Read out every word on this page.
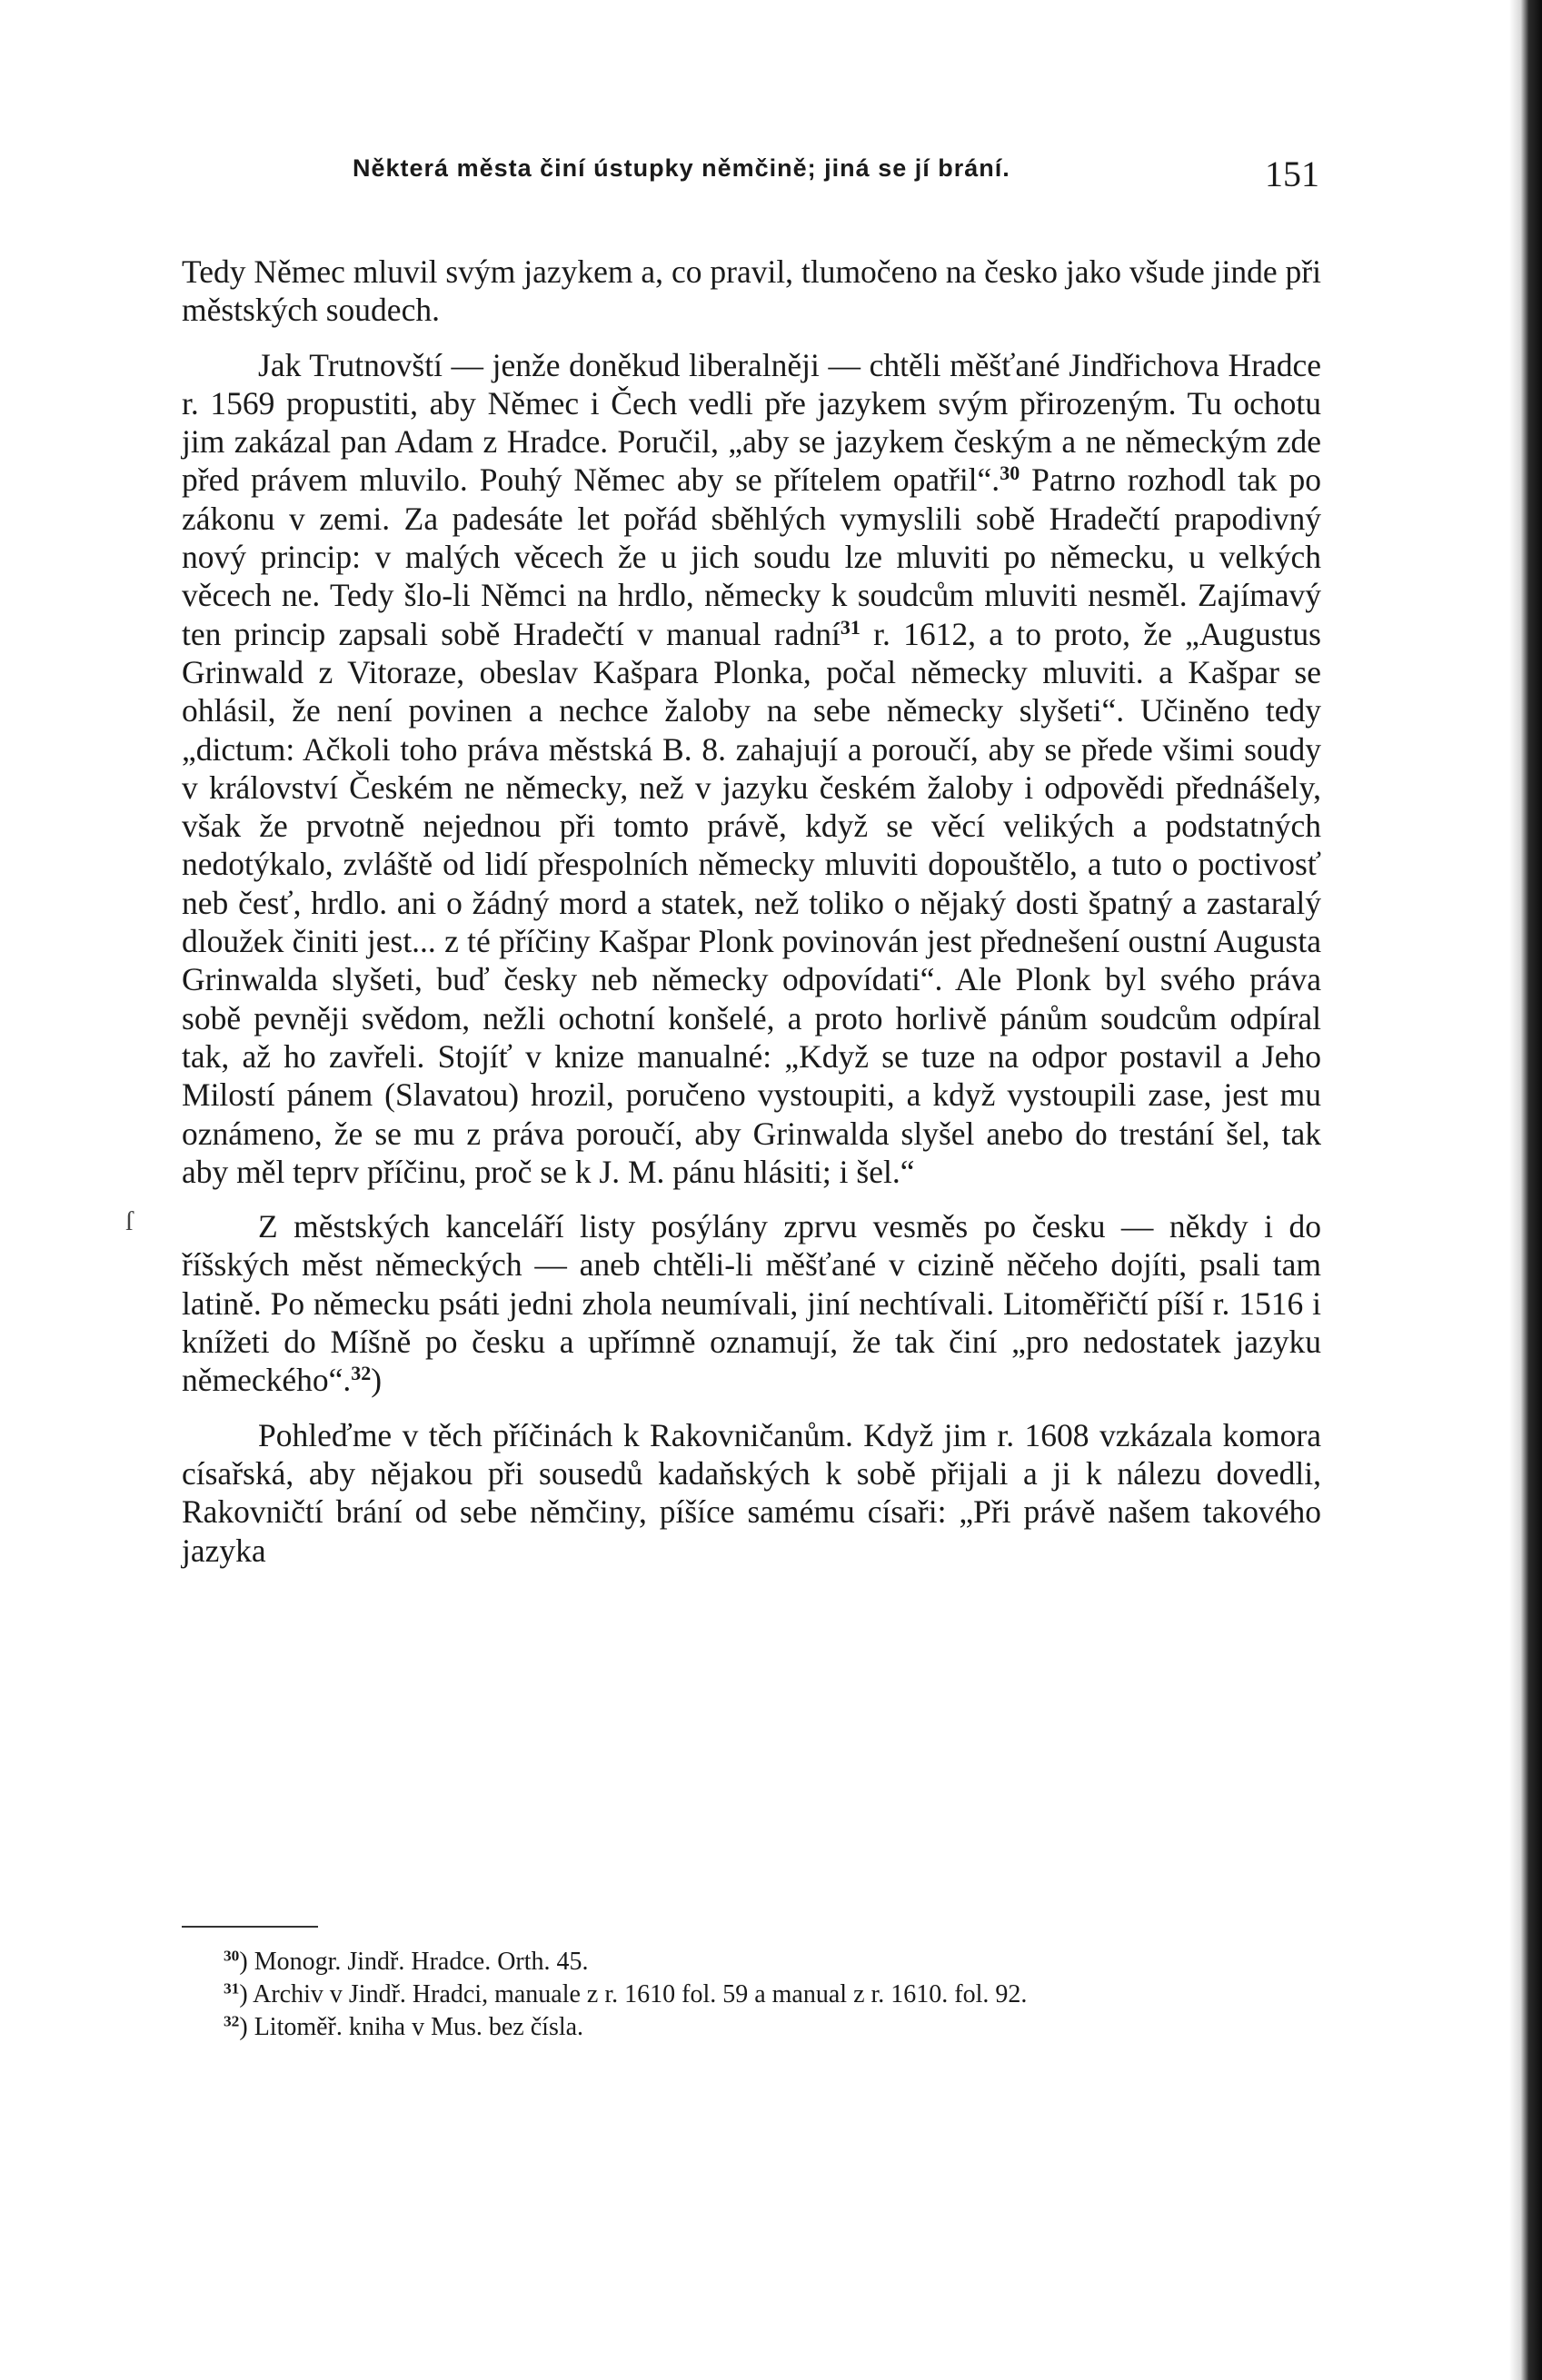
Některá města činí ústupky němčině; jiná se jí brání.	151
ſ

Tedy Němec mluvil svým jazykem a, co pravil, tlumočeno na česko jako všude jinde při městských soudech.

Jak Trutnovští — jenže doněkud liberalněji — chtěli měšťané Jindřichova Hradce r. 1569 propustiti, aby Němec i Čech vedli pře jazykem svým přirozeným. Tu ochotu jim zakázal pan Adam z Hradce. Poručil, „aby se jazykem českým a ne německým zde před právem mluvilo. Pouhý Němec aby se přítelem opatřil“.$^{30}$ Patrno rozhodl tak po zákonu v zemi. Za padesáte let pořád sběhlých vymyslili sobě Hradečtí prapodivný nový princip: v malých věcech že u jich soudu lze mluviti po německu, u velkých věcech ne. Tedy šlo-li Němci na hrdlo, německy k soudcům mluviti nesměl. Zajímavý ten princip zapsali sobě Hradečtí v manual radní$^{31}$ r. 1612, a to proto, že „Augustus Grinwald z Vitoraze, obeslav Kašpara Plonka, počal německy mluviti. a Kašpar se ohlásil, že není povinen a nechce žaloby na sebe německy slyšeti“. Učiněno tedy „dictum: Ačkoli toho práva městská B. 8. zahajují a poroučí, aby se přede všimi soudy v království Českém ne německy, než v jazyku českém žaloby i odpovědi přednášely, však že prvotně nejednou při tomto právě, když se věcí velikých a podstatných nedotýkalo, zvláště od lidí přespolních německy mluviti dopouštělo, a tuto o poctivosť neb česť, hrdlo. ani o žádný mord a statek, než toliko o nějaký dosti špatný a zastaralý dloužek činiti jest... z té příčiny Kašpar Plonk povinován jest přednešení oustní Augusta Grinwalda slyšeti, buď česky neb německy odpovídati“. Ale Plonk byl svého práva sobě pevněji svědom, nežli ochotní konšelé, a proto horlivě pánům soudcům odpíral tak, až ho zavřeli. Stojíť v knize manualné: „Když se tuze na odpor postavil a Jeho Milostí pánem (Slavatou) hrozil, poručeno vystoupiti, a když vystoupili zase, jest mu oznámeno, že se mu z práva poroučí, aby Grinwalda slyšel anebo do trestání šel, tak aby měl teprv příčinu, proč se k J. M. pánu hlásiti; i šel.“

Z městských kanceláří listy posýlány zprvu vesměs po česku — někdy i do říšských měst německých — aneb chtěli-li měšťané v cizině něčeho dojíti, psali tam latině. Po německu psáti jedni zhola neumívali, jiní nechtívali. Litoměřičtí píší r. 1516 i knížeti do Míšně po česku a upřímně oznamují, že tak činí „pro nedostatek jazyku německého“.$^{32}$)

Pohleďme v těch příčinách k Rakovničanům. Když jim r. 1608 vzkázala komora císařská, aby nějakou při sousedů kadaňských k sobě přijali a ji k nálezu dovedli, Rakovničtí brání od sebe němčiny, píšíce samému císaři: „Při právě našem takového jazyka

$^{30}$) Monogr. Jindř. Hradce. Orth. 45.

$^{31}$) Archiv v Jindř. Hradci, manuale z r. 1610 fol. 59 a manual z r. 1610. fol. 92.

$^{32}$) Litoměř. kniha v Mus. bez čísla.
